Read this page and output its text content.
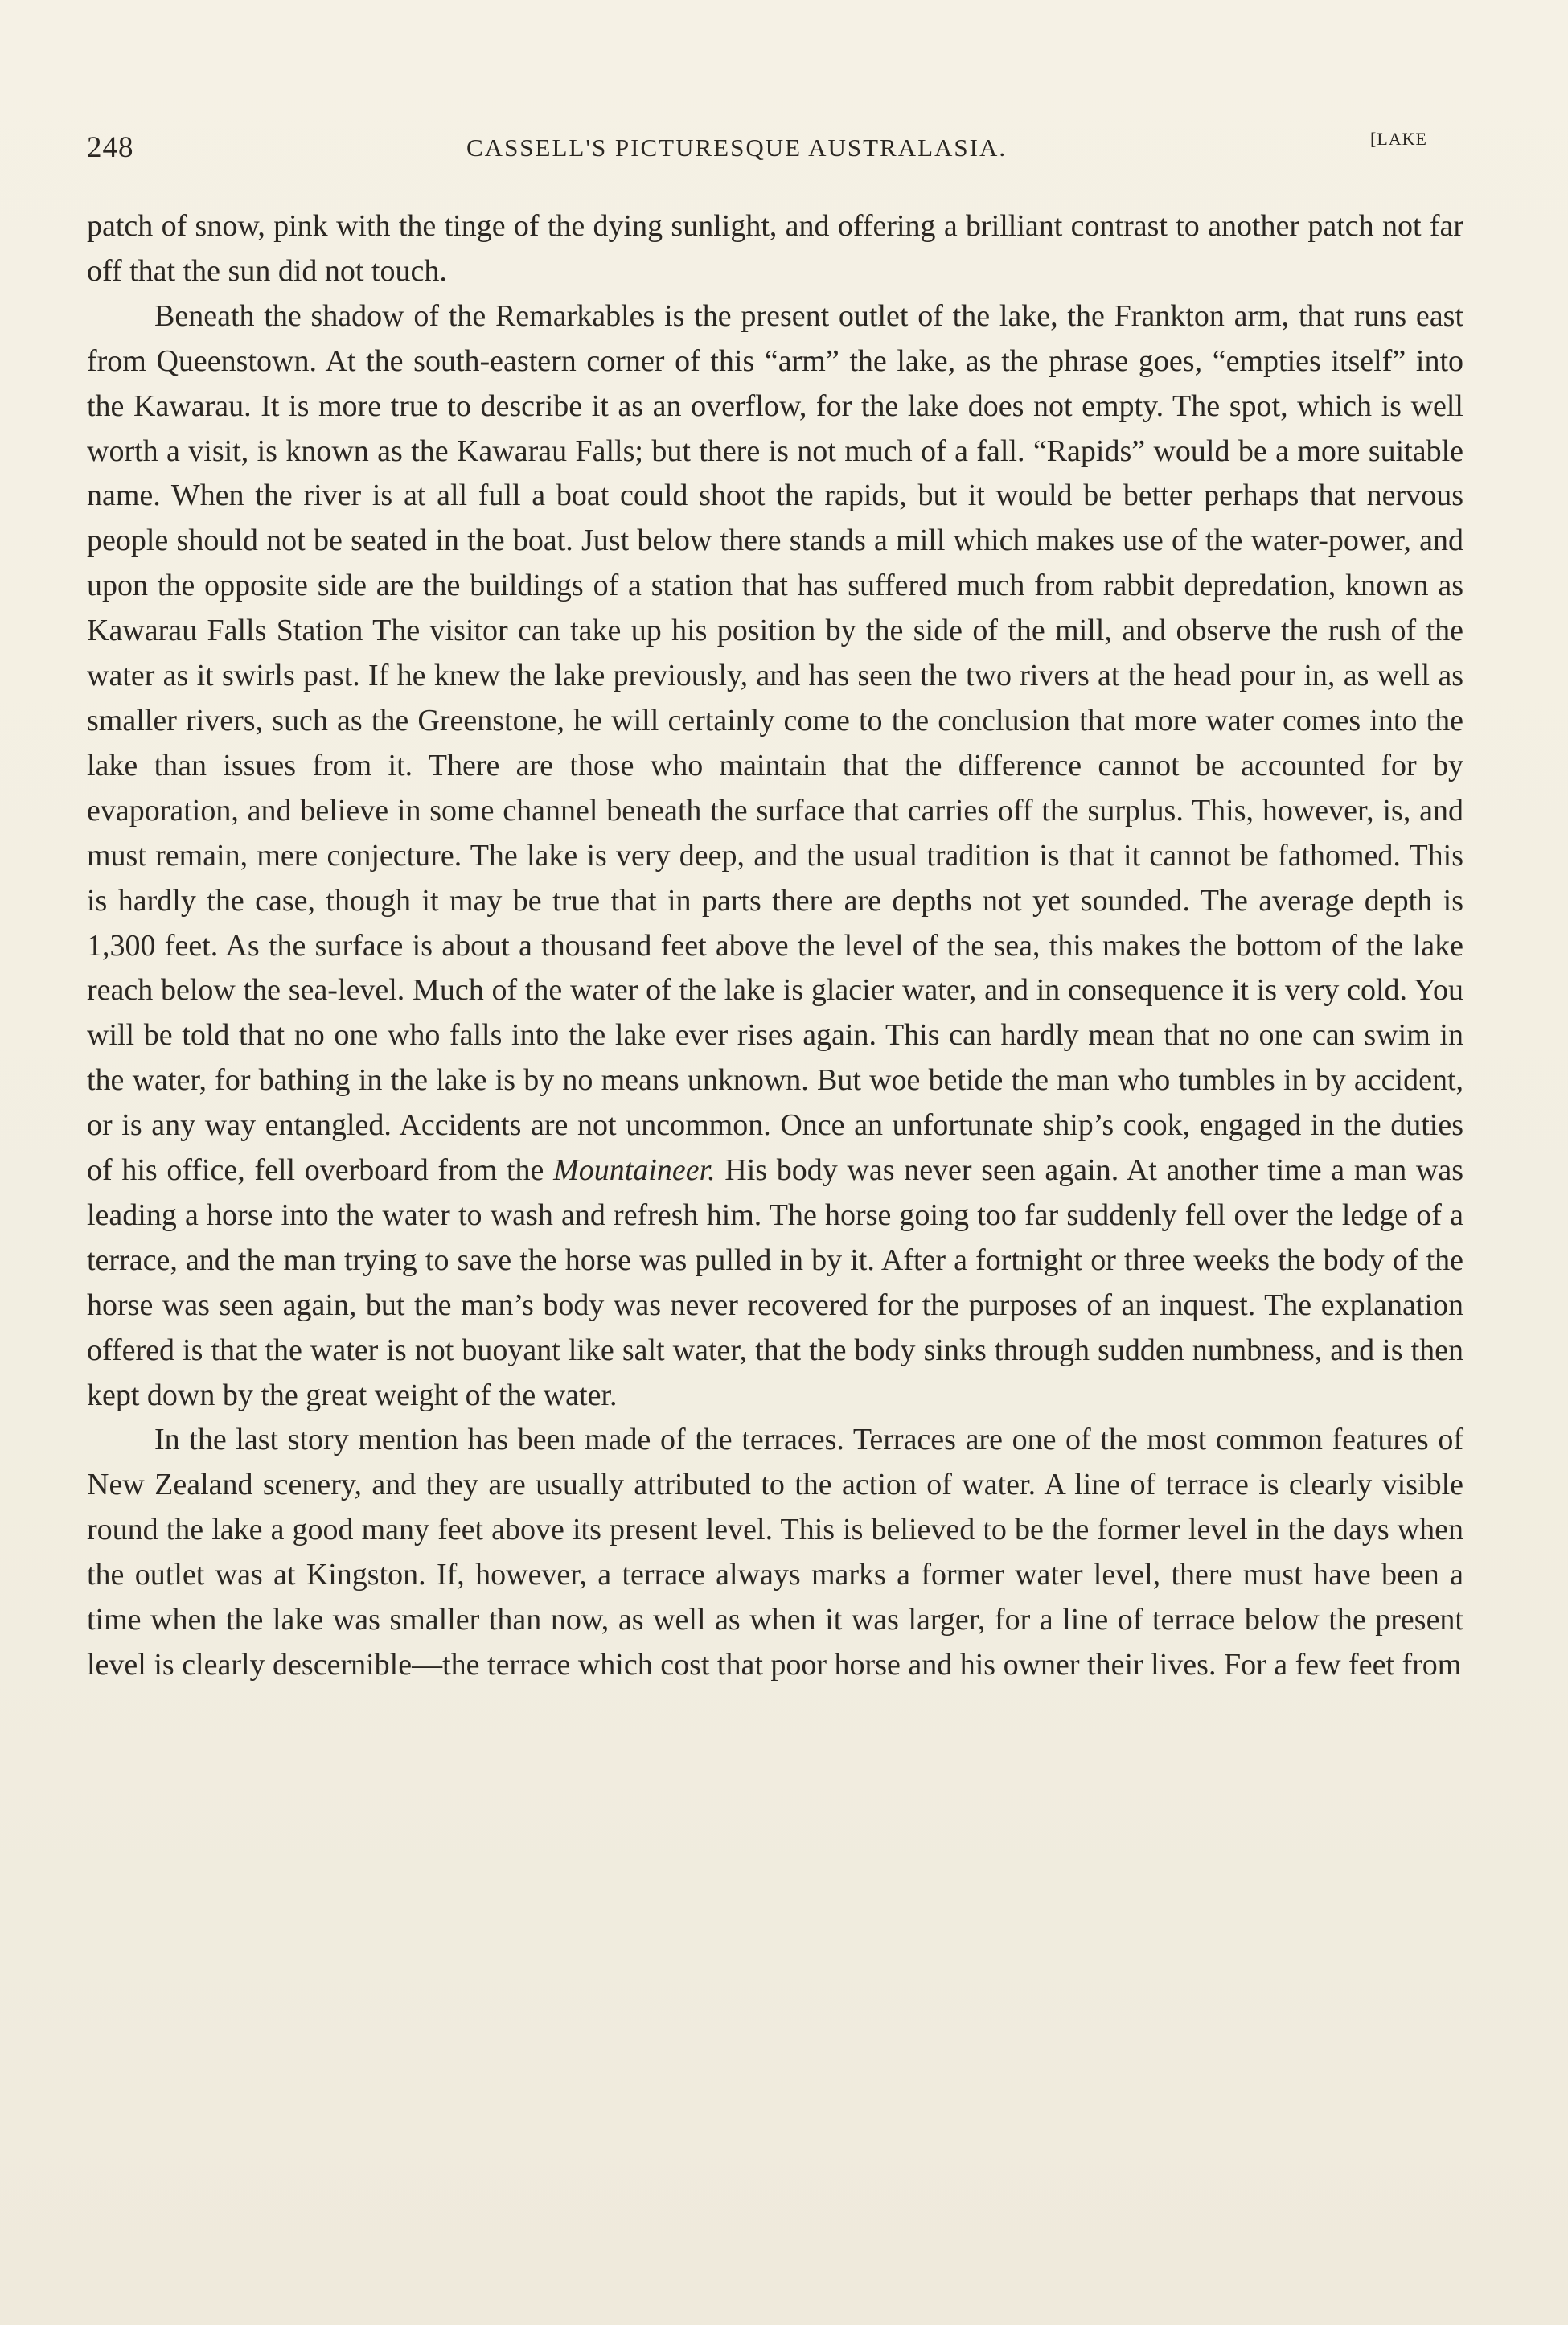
248	CASSELL'S PICTURESQUE AUSTRALASIA.	[LAKE

patch of snow, pink with the tinge of the dying sunlight, and offering a brilliant contrast to another patch not far off that the sun did not touch.

Beneath the shadow of the Remarkables is the present outlet of the lake, the Frankton arm, that runs east from Queenstown. At the south-eastern corner of this “arm” the lake, as the phrase goes, “empties itself” into the Kawarau. It is more true to describe it as an overflow, for the lake does not empty. The spot, which is well worth a visit, is known as the Kawarau Falls; but there is not much of a fall. “Rapids” would be a more suitable name. When the river is at all full a boat could shoot the rapids, but it would be better perhaps that nervous people should not be seated in the boat. Just below there stands a mill which makes use of the water-power, and upon the opposite side are the buildings of a station that has suffered much from rabbit depredation, known as Kawarau Falls Station The visitor can take up his position by the side of the mill, and observe the rush of the water as it swirls past. If he knew the lake previously, and has seen the two rivers at the head pour in, as well as smaller rivers, such as the Greenstone, he will certainly come to the conclusion that more water comes into the lake than issues from it. There are those who maintain that the difference cannot be accounted for by evaporation, and believe in some channel beneath the surface that carries off the surplus. This, however, is, and must remain, mere conjecture. The lake is very deep, and the usual tradition is that it cannot be fathomed. This is hardly the case, though it may be true that in parts there are depths not yet sounded. The average depth is 1,300 feet. As the surface is about a thousand feet above the level of the sea, this makes the bottom of the lake reach below the sea-level. Much of the water of the lake is glacier water, and in consequence it is very cold. You will be told that no one who falls into the lake ever rises again. This can hardly mean that no one can swim in the water, for bathing in the lake is by no means unknown. But woe betide the man who tumbles in by accident, or is any way entangled. Accidents are not uncommon. Once an unfortunate ship’s cook, engaged in the duties of his office, fell overboard from the Mountaineer. His body was never seen again. At another time a man was leading a horse into the water to wash and refresh him. The horse going too far suddenly fell over the ledge of a terrace, and the man trying to save the horse was pulled in by it. After a fortnight or three weeks the body of the horse was seen again, but the man’s body was never recovered for the purposes of an inquest. The explanation offered is that the water is not buoyant like salt water, that the body sinks through sudden numbness, and is then kept down by the great weight of the water.

In the last story mention has been made of the terraces. Terraces are one of the most common features of New Zealand scenery, and they are usually attributed to the action of water. A line of terrace is clearly visible round the lake a good many feet above its present level. This is believed to be the former level in the days when the outlet was at Kingston. If, however, a terrace always marks a former water level, there must have been a time when the lake was smaller than now, as well as when it was larger, for a line of terrace below the present level is clearly descernible—the terrace which cost that poor horse and his owner their lives. For a few feet from
